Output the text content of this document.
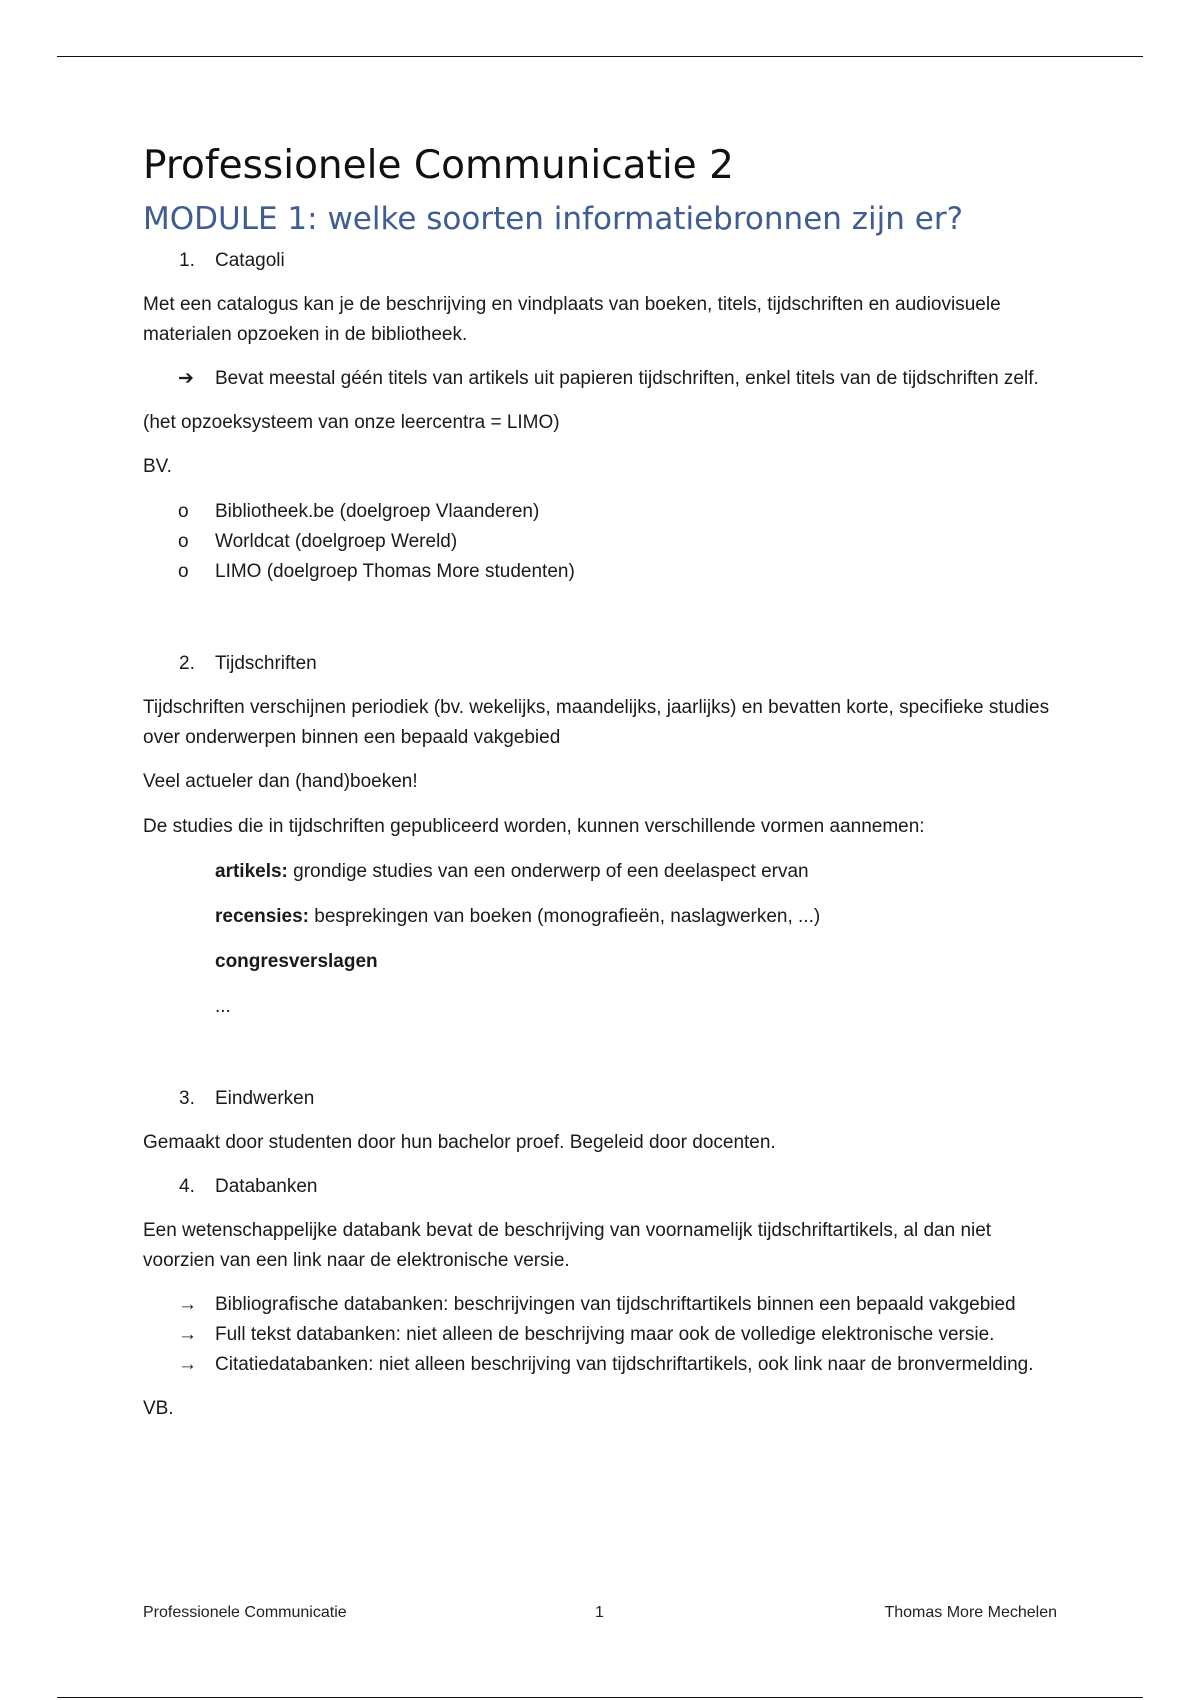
Professionele Communicatie 2
MODULE 1: welke soorten informatiebronnen zijn er?
1. Catagoli

Met een catalogus kan je de beschrijving en vindplaats van boeken, titels, tijdschriften en audiovisuele materialen opzoeken in de bibliotheek.

➔ Bevat meestal géén titels van artikels uit papieren tijdschriften, enkel titels van de tijdschriften zelf.

(het opzoeksysteem van onze leercentra = LIMO)

BV.

o Bibliotheek.be (doelgroep Vlaanderen)
o Worldcat (doelgroep Wereld)
o LIMO (doelgroep Thomas More studenten)
2. Tijdschriften

Tijdschriften verschijnen periodiek (bv. wekelijks, maandelijks, jaarlijks) en bevatten korte, specifieke studies over onderwerpen binnen een bepaald vakgebied

Veel actueler dan (hand)boeken!

De studies die in tijdschriften gepubliceerd worden, kunnen verschillende vormen aannemen:

artikels: grondige studies van een onderwerp of een deelaspect ervan
recensies: besprekingen van boeken (monografieën, naslagwerken, ...)
congresverslagen
...
3. Eindwerken

Gemaakt door studenten door hun bachelor proef. Begeleid door docenten.

4. Databanken

Een wetenschappelijke databank bevat de beschrijving van voornamelijk tijdschriftartikels, al dan niet voorzien van een link naar de elektronische versie.

→ Bibliografische databanken: beschrijvingen van tijdschriftartikels binnen een bepaald vakgebied
→ Full tekst databanken: niet alleen de beschrijving maar ook de volledige elektronische versie.
→ Citatiedatabanken: niet alleen beschrijving van tijdschriftartikels, ook link naar de bronvermelding.

VB.

Professionele Communicatie	1	Thomas More Mechelen
